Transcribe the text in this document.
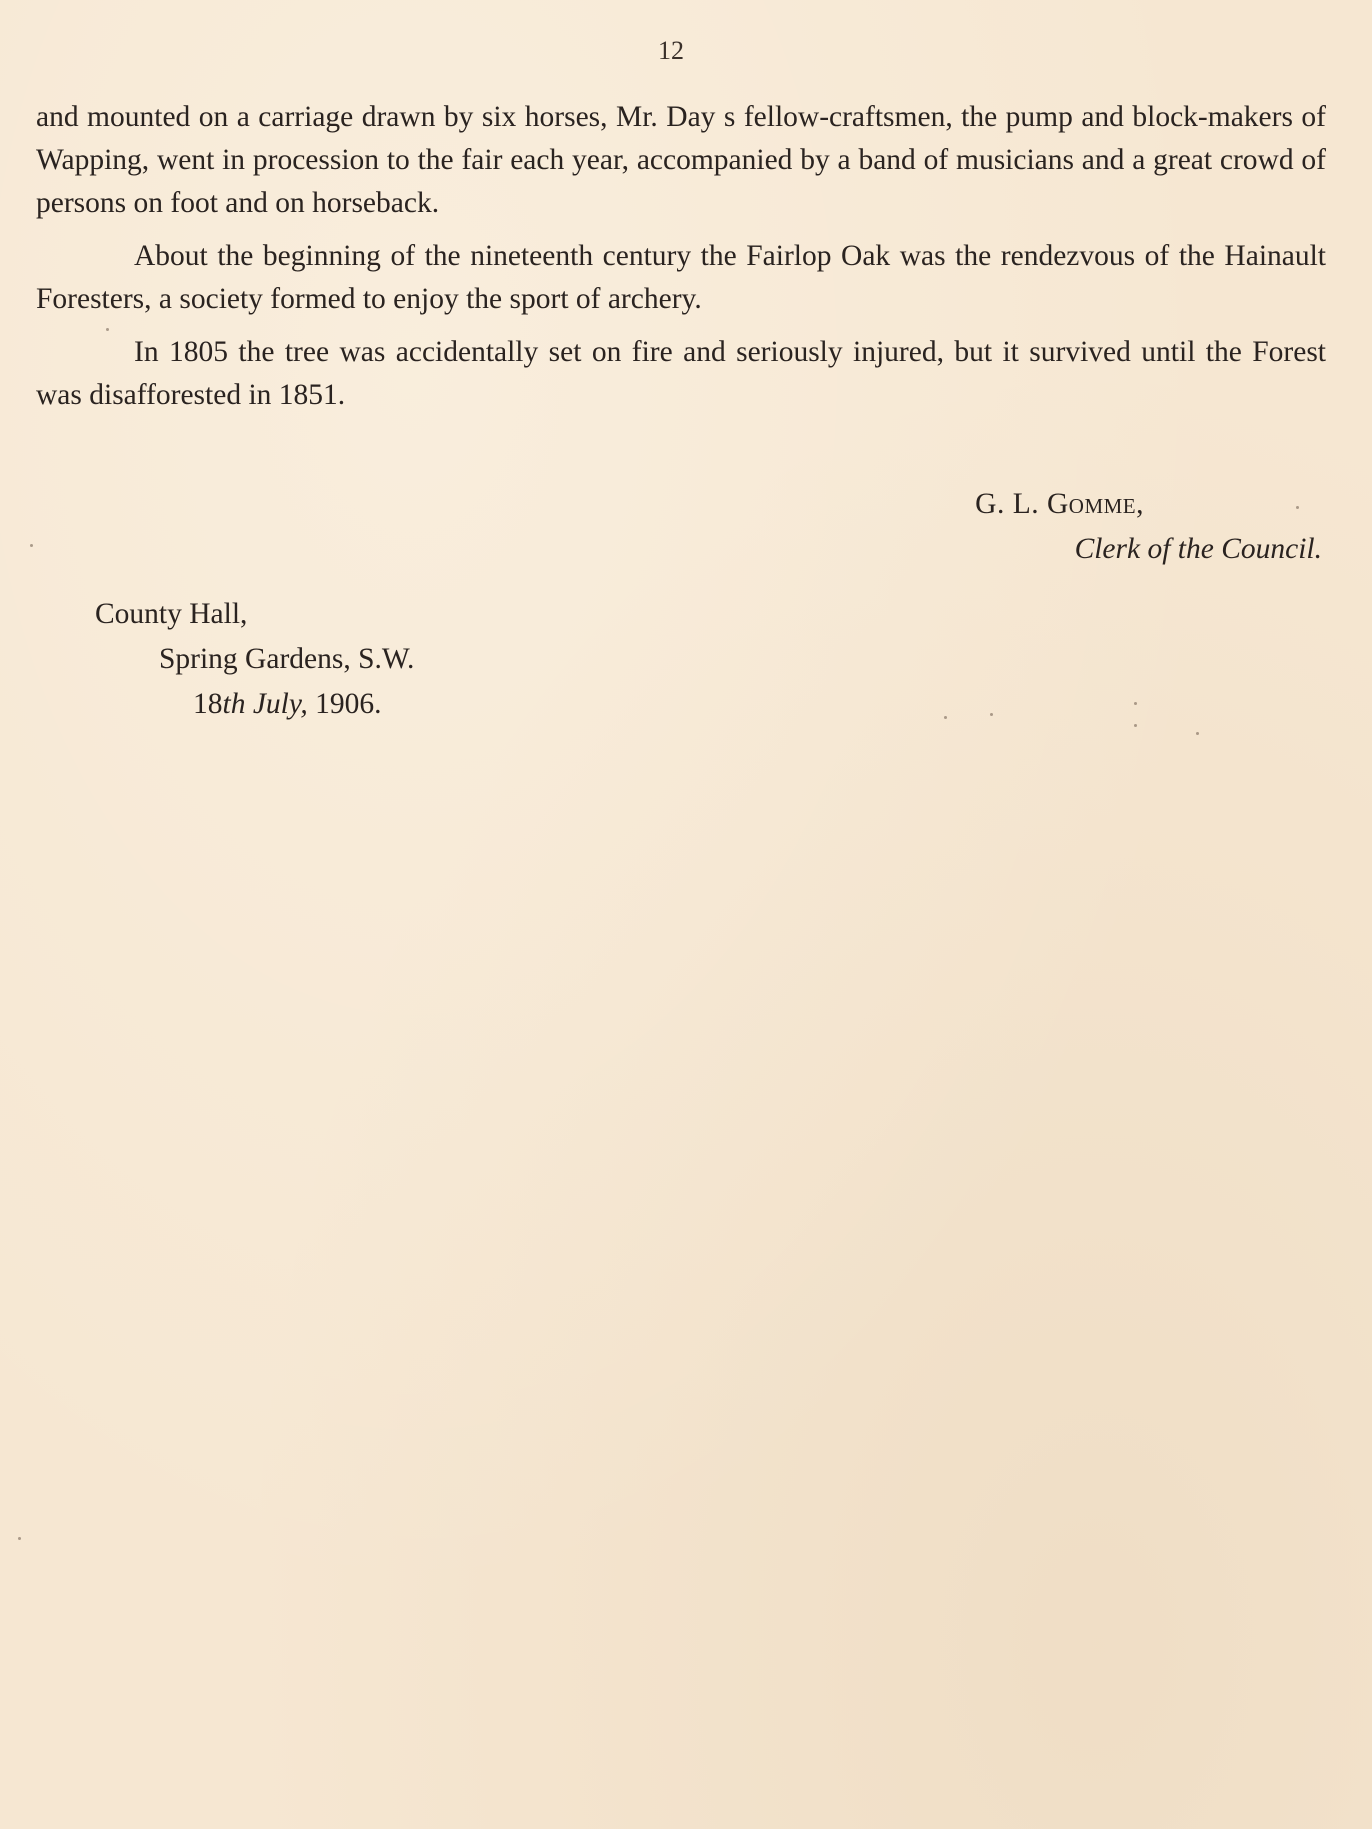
12

and mounted on a carriage drawn by six horses, Mr. Day s fellow-craftsmen, the pump and block-makers of Wapping, went in procession to the fair each year, accompanied by a band of musicians and a great crowd of persons on foot and on horseback.

About the beginning of the nineteenth century the Fairlop Oak was the rendezvous of the Hainault Foresters, a society formed to enjoy the sport of archery.

In 1805 the tree was accidentally set on fire and seriously injured, but it survived until the Forest was disafforested in 1851.

G. L. Gomme,
Clerk of the Council.
County Hall,
Spring Gardens, S.W.
18th July, 1906.
